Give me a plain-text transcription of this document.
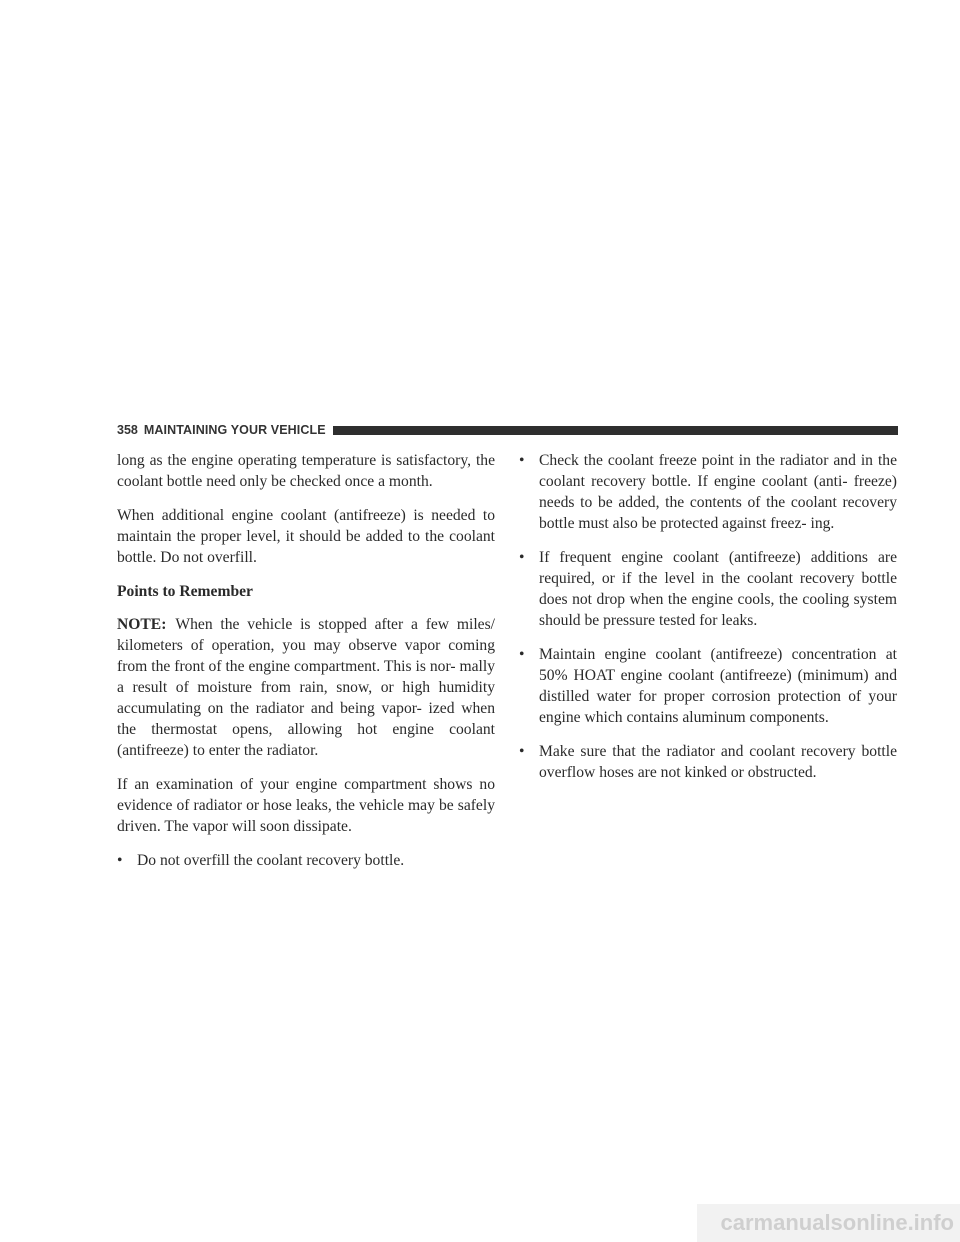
358 MAINTAINING YOUR VEHICLE

long as the engine operating temperature is satisfactory, the coolant bottle need only be checked once a month.

When additional engine coolant (antifreeze) is needed to maintain the proper level, it should be added to the coolant bottle. Do not overfill.

Points to Remember

NOTE: When the vehicle is stopped after a few miles/ kilometers of operation, you may observe vapor coming from the front of the engine compartment. This is nor- mally a result of moisture from rain, snow, or high humidity accumulating on the radiator and being vapor- ized when the thermostat opens, allowing hot engine coolant (antifreeze) to enter the radiator.

If an examination of your engine compartment shows no evidence of radiator or hose leaks, the vehicle may be safely driven. The vapor will soon dissipate.

• Do not overfill the coolant recovery bottle.
• Check the coolant freeze point in the radiator and in the coolant recovery bottle. If engine coolant (anti- freeze) needs to be added, the contents of the coolant recovery bottle must also be protected against freez- ing.
• If frequent engine coolant (antifreeze) additions are required, or if the level in the coolant recovery bottle does not drop when the engine cools, the cooling system should be pressure tested for leaks.
• Maintain engine coolant (antifreeze) concentration at 50% HOAT engine coolant (antifreeze) (minimum) and distilled water for proper corrosion protection of your engine which contains aluminum components.
• Make sure that the radiator and coolant recovery bottle overflow hoses are not kinked or obstructed.
carmanualsonline.info
